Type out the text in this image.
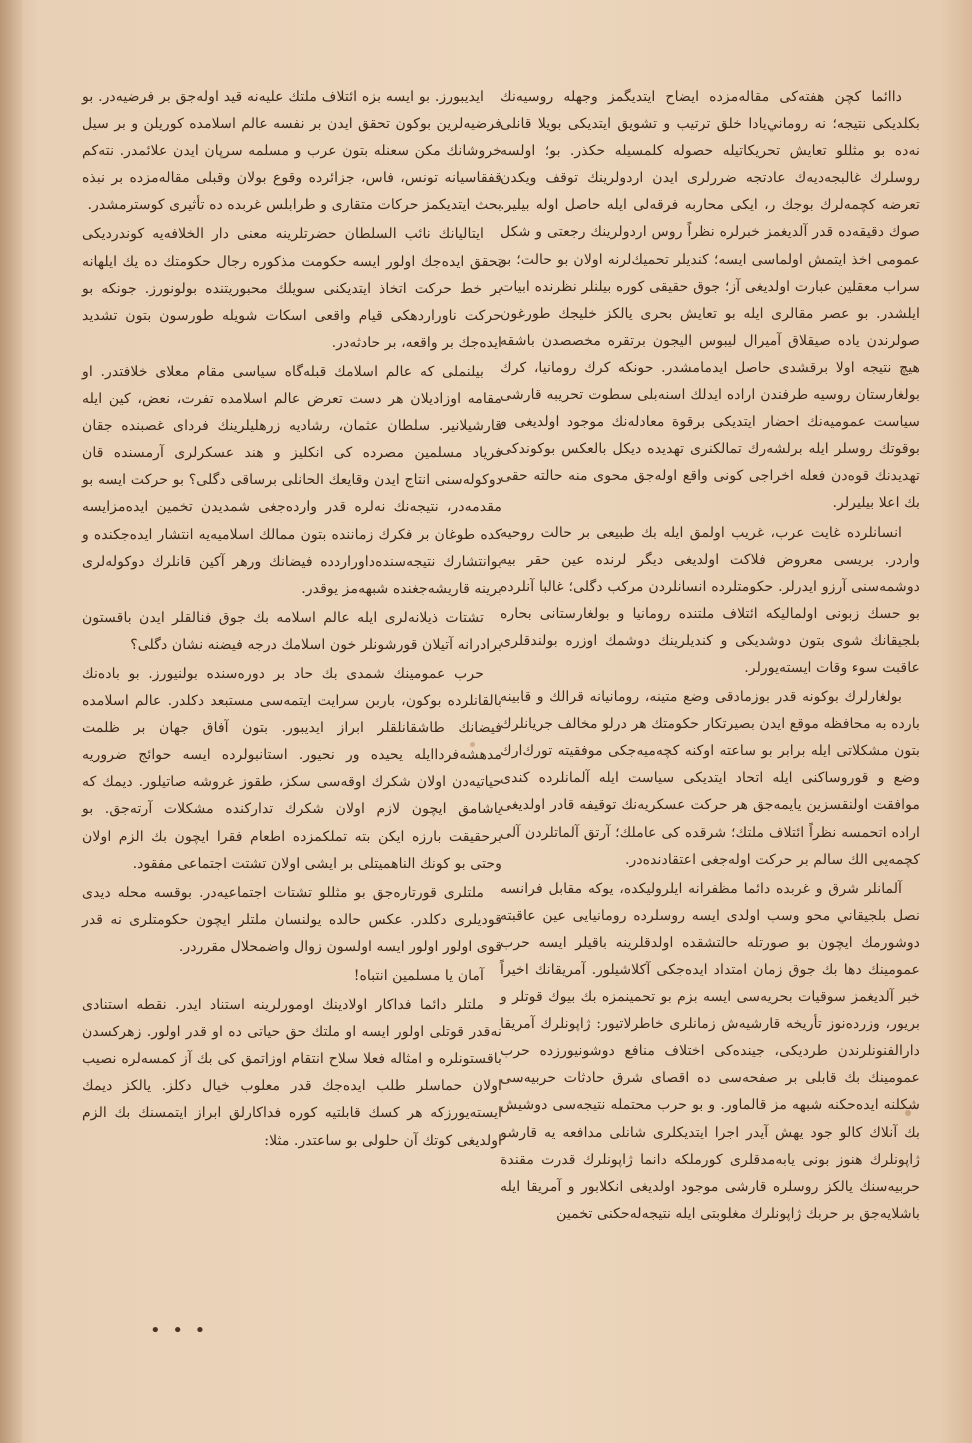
داائما كچن هفته‌كى مقاله‌مزده ايضاح ايتديگمز وجهله روسيه‌نك بكلديكى نتيجه؛ نه روماني‌يادا خلق ترتيب و تشويق ايتديكى بويلا قانلى نه‌ده بو مثللو تعايش تحريكاتيله حصوله كلمسيله حكذر. بو؛ اولسه روسلرك غالبجه‌ديه‌ك عادتجه ضررلرى ايدن اردولرينك توقف ويكدن تعرضه كچمه‌لرك بوجك ر، ايكى محاربه فرقه‌لى ايله حاصل اوله بيلير. صوك دقيقه‌ده قدر آلديغمز خبرلره نظراً روس اردولرينك رجعتى و شكل عمومى اخذ ايتمش اولماسى ايسه؛ كنديلر تحميك‌لرنه اولان بو حالت؛ بو سراب معقلين عبارت اولديغى آز؛ جوق حقيقى كوره بيلنلر نظرنده ابيات ايلشدر. بو عصر مقالرى ايله بو تعايش بحرى يالكز خليجك طورغون صولرندن ياده صيقلاق آميرال ليبوس اليجون برتقره مخصصدن باشقه هيچ نتيجه اولا برقشدى حاصل ايدمامشدر. حونكه كرك رومانيا، كرك بولغارستان روسيه طرفندن اراده ايدلك اسنه‌بلى سطوت تحريبه قارشى سياست عموميه‌نك احضار ايتديكى برقوة معادله‌نك موجود اولديغى و بوقوتك روسلر ايله برلشه‌رك تمالكنرى تهديده ديكل بالعكس بوكوندكى تهديدنك قوه‌دن فعله اخراجى كونى واقع اوله‌جق محوى منه حالته حقى بك اعلا بيليرلر.

انسانلرده غايت عرب، غريب اولمق ايله بك طبيعى بر حالت روحيه واردر. بريسى معروض فلاكت اولديغى ديگر لرنده عين حقر بيه دوشمه‌سنى آرزو ايدرلر. حكومتلرده انسانلردن مركب دگلى؛ غالبا آنلرده بو حسك زبونى اولماليكه ائتلاف ملتنده رومانيا و بولغارستانى بحاره بلجيقانك شوى بتون دوشديكى و كنديلرينك دوشمك اوزره بولندقلرى عاقبت سوء وقات ايسته‌يورلر.

بولغارلرك بوكونه قدر بوزمادقى وضع متينه، رومانيانه قرالك و قابينه بارده به محافظه موقع ايدن بصيرتكار حكومتك هر درلو مخالف جريانلرك بتون مشكلاتى ايله برابر بو ساعته اوكنه كچه‌ميه‌جكى موفقيته تورك‌ارك وضع و قوروساكنى ايله اتحاد ايتديكى سياست ايله آلمانلرده كندى موافقت اولنقسزين يايمه‌جق هر حركت عسكريه‌نك توقيفه قادر اولديغى اراده اتحمسه نظراً ائتلاف ملتك؛ شرقده كى عاملك؛ آرتق آلماتلردن آلى كچمه‌يى الك سالم بر حركت اوله‌جغى اعتقادنده‌در.

آلمانلر شرق و غربده دائما مظفرانه ايلروليكده، يوكه مقابل فرانسه نصل بلجيقاني محو وسب اولدى ايسه روسلرده رومانيايى عين عاقبته دوشورمك ايچون بو صورتله حالتشقده اولدقلرينه باقيلر ايسه حرب عمومينك دها بك جوق زمان امتداد ايده‌جكى آكلاشيلور. آمريقانك اخيراً خبر آلديغمز سوقيات بحريه‌سى ايسه بزم بو تحمينمزه بك بيوك قوتلر و بريور، وزرده‌نوز تأريخه قارشيه‌ش زمانلرى خاطرلاتيور: ژاپونلرك آمريقا دارالفنونلرندن طرديكى، جينده‌كى اختلاف منافع دوشونيورزده حرب عمومينك بك قابلى بر صفحه‌سى ده اقصاى شرق حادثات حربيه‌سى شكلنه ايده‌حكنه شبهه مز قالماور. و بو حرب محتمله نتيجه‌سى دوشيش بك آنلاك كالو جود يهش آيدر اجرا ايتديكلرى شانلى مدافعه يه قارشو ژاپونلرك هنوز بونى يابه‌مدقلرى كورملكه دانما ژاپونلرك قدرت مقندة حربيه‌سنك يالكز روسلره قارشى موجود اولديغى انكلابور و آمريقا ايله باشلايه‌جق بر حربك ژاپونلرك مغلوبتى ايله نتيجه‌له‌حكنى تخمين

ايديبورز. بو ايسه بزه ائتلاف ملتك عليه‌نه قيد اوله‌جق بر فرضيه‌در. بو فرضيه‌لرين بوكون تحقق ايدن بر نفسه عالم اسلامده كوريلن و بر سيل خروشانك مكن سعنله بتون عرب و مسلمه سرپان ايدن علائمدر. نته‌كم قفقاسيانه تونس، فاس، جزائرده وقوع بولان وقبلى مقاله‌مزده بر نبذه بحث ايتديكمز حركات متقارى و طرابلس غربده ده تأثيرى كوسترمشدر.

ايتاليانك نائب السلطان حضرتلرينه معنى دار الخلافه‌يه كوندرديكى تحقق ايده‌جك اولور ايسه حكومت مذكوره رجال حكومتك ده يك ايلهانه بر خط حركت اتخاذ ايتديكنى سويلك محبوريتنده بولونورز. جونكه بو حركت ناوراردهكى قيام واقعى اسكات شويله طورسون بتون تشديد ايده‌جك بر واقعه، بر حادثه‌در.

بيلنملى كه عالم اسلامك قبله‌گاه سياسى مقام معلاى خلافتدر. او مقامه اوزاديلان هر دست تعرض عالم اسلامده تفرت، نعض، كين ايله قارشيلانير. سلطان عثمان، رشاديه زرهليلرينك فرداى غصبنده جقان فرياد مسلمين مصرده كى انكليز و هند عسكرلرى آرمسنده قان دوكوله‌سنى انتاج ايدن وقايعك الحانلى برساقى دگلى؟ بو حركت ايسه بو مقدمه‌در، نتيجه‌نك نه‌لره قدر وارده‌جغى شمديدن تخمين ايده‌مزايسه كده طوغان بر فكرك زماننده بتون ممالك اسلاميه‌يه انتشار ايده‌جكنده و بوانتشارك نتيجه‌سنده‌داوراردده فيضانك ورهر آكين قانلرك دوكوله‌لرى برينه قاريشه‌جغنده شبهه‌مز يوقدر.

تشتات ذيلانه‌لرى ايله عالم اسلامه بك جوق فنالقلر ايدن باقستون برادرانه آتيلان قورشونلر خون اسلامك درجه فيضنه نشان دگلى؟

حرب عمومينك شمدى بك حاد بر دوره‌سنده بولنيورز. بو باده‌نك بالقانلرده بوكون، باربن سرايت ايتمه‌سى مستبعد دكلدر. عالم اسلامده فيضانك طاشقانلقلر ابراز ايديبور. بتون آفاق جهان بر ظلمت مدهشه‌فرداايله يحيده ور نحيور. استانبولرده ايسه حوائج ضروريه حياتيه‌دن اولان شكرك اوقه‌سى سكز، طقوز غروشه صاتيلور. ديمك كه ياشامق ايچون لازم اولان شكرك تداركنده مشكلات آرته‌جق. بو برحقيقت بارزه ايكن بته تملكمزده اطعام فقرا ايچون بك الزم اولان وحتى بو كونك الناهميتلى بر ايشى اولان تشتت اجتماعى مفقود.

ملتلرى قورتاره‌جق بو مثللو تشتات اجتماعيه‌در. بوقسه محله ديدى قوديلرى دكلدر. عكس حالده يولنسان ملتلر ايچون حكومتلرى نه قدر قوى اولور اولور ايسه اولسون زوال واضمحلال مقرردر.

آمان يا مسلمين انتباه!

ملتلر دائما فداكار اولادينك اومورلرينه استناد ايدر. نقطه استنادى نه‌قدر قوتلى اولور ايسه او ملتك حق حياتى ده او قدر اولور. زهركسدن باقستونلره و امثاله فعلا سلاح انتقام اوزاتمق كى بك آز كمسه‌لره نصيب اولان حماسلر طلب ايده‌جك قدر معلوب خيال دكلز. يالكز ديمك ايسته‌يورزكه هر كسك قابلتيه كوره فداكارلق ابراز ايتمسنك بك الزم اولديغى كوتك آن حلولى بو ساعتدر. مثلا:

• • •
